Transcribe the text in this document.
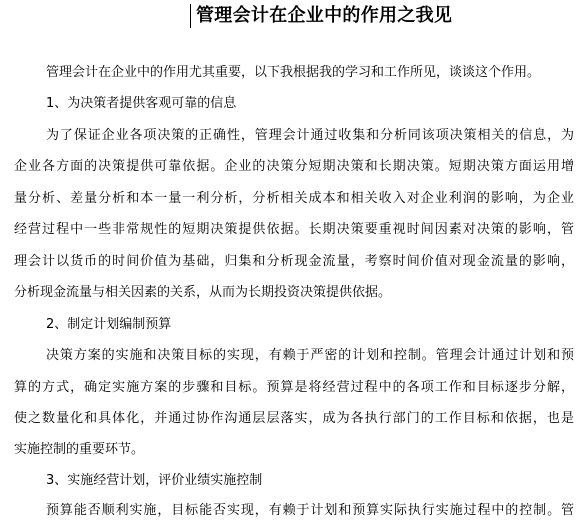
管理会计在企业中的作用之我见
管理会计在企业中的作用尤其重要，以下我根据我的学习和工作所见，谈谈这个作用。
1、为决策者提供客观可靠的信息
为了保证企业各项决策的正确性，管理会计通过收集和分析同该项决策相关的信息，为
企业各方面的决策提供可靠依据。企业的决策分短期决策和长期决策。短期决策方面运用增
量分析、差量分析和本一量一利分析，分析相关成本和相关收入对企业利润的影响，为企业
经营过程中一些非常规性的短期决策提供依据。长期决策要重视时间因素对决策的影响，管
理会计以货币的时间价值为基础，归集和分析现金流量，考察时间价值对现金流量的影响，
分析现金流量与相关因素的关系，从而为长期投资决策提供依据。
2、制定计划编制预算
决策方案的实施和决策目标的实现，有赖于严密的计划和控制。管理会计通过计划和预
算的方式，确定实施方案的步骤和目标。预算是将经营过程中的各项工作和目标逐步分解，
使之数量化和具体化，并通过协作沟通层层落实，成为各执行部门的工作目标和依据，也是
实施控制的重要环节。
3、实施经营计划，评价业绩实施控制
预算能否顺利实施，目标能否实现，有赖于计划和预算实际执行实施过程中的控制。管
